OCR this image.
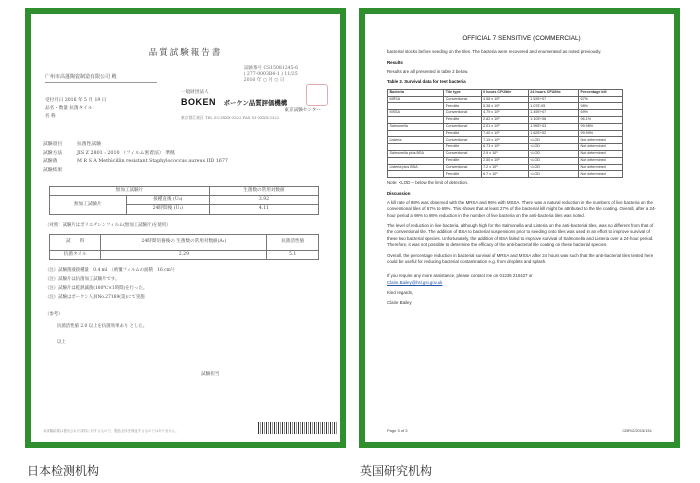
品質試験報告書
試験番号 CS15081245-6
( 277-0003B4-1 ) 11/25
2016 年 ○ 月 ○ 日
广州市高蓬陶瓷制造有限公司 殿
受付月日 2016 年 5 月 19 日
品名・数量 抗菌タイル
名 称
一般財団法人
BOKEN ボーケン品質評価機構
東京試験センター
東京都江東区 TEL 03-3XXX-3322 FAX 03-3XXX-3322
試験項目	抗菌性試験
試験方法	JIS Z 2801 : 2010 （フィルム密着法） 準拠
試験菌	M R S A Methicillin resistant Staphylococcus aureus IID 1677
試験結果
無加工試験片		生菌数の常用対数値
無加工試験片	接種直後 (U₀)	3.92
	24時間後 (U₁)	4.11
（対照：試験片はポリエチレンフィルム(無加工試験片)を使用）
試　　料	24時間培養後の 生菌数の常用対数値(A₁)	抗菌活性値
抗菌タイル	2.29	5.1
（注）試験菌液接種量　0.4 ml　（被覆フィルムの面積　16 cm²）
（注）試験片は抗菌加工試験片です。
（注）試験片は乾熱滅菌(180℃×1時間)を行った。
（注）試験はボーケン人員No.27169(第)にて実施
（参考）
抗菌活性値 2.0 以上を抗菌効果あり とした。
以上
試験担当
本試験結果は提出された試料に対するもので、製品全体を保証するものではありません。
OFFICIAL 7 SENSITIVE (COMMERCIAL)

bacterial stocks before seeding on the tiles. The bacteria were recovered and enumerated as noted previously.

Results

Results are all presented in table 2 below.

Table 2. Survival data for test bacteria
Bacteria	Tile type	0 hours CFU/tile	24 hours CFU/tile	Percentage kill
MRSA	Conventional	4.56 x 10⁵	1.53E+07	67%
	Ferrolite	5.38 x 10⁵	1.07E-05	98%
MSSA	Conventional	4.79 x 10⁵	1.49E+07	69%
	Ferrolite	2.82 x 10⁵	1.10E+06	96.1%
Salmonella	Conventional	2.01 x 10⁵	1.95E+03	99.98%
	Ferrolite	7.40 x 10⁵	1.62E+02	99.99%
Listeria	Conventional	7.19 x 10⁵	<LOD	Not determined
	Ferrolite	6.73 x 10⁵	<LOD	Not determined
Salmonella plus BSA	Conventional	2.9 x 10⁵	<LOD	Not determined
	Ferrolite	2.55 x 10⁵	<LOD	Not determined
Listeria plus BSA	Conventional	7.2 x 10⁵	<LOD	Not determined
	Ferrolite	6.7 x 10⁵	<LOD	Not determined

Note: <LOD – below the limit of detection.

Discussion

A kill rate of 98% was observed with the MRSA and 96% with MSSA. There was a natural reduction in the numbers of live bacteria on the conventional tiles of 67% to 69%. This shows that at least 27% of the bacterial kill might be attributed to the tile coating. Overall, after a 24-hour period a 98% to 98% reduction in the number of live bacteria on the anti-bacteria tiles was noted.

The level of reduction in live bacteria, although high for the Salmonella and Listeria on the anti-bacterial tiles, was no different from that of the conventional tile. The addition of BSA to bacterial suspensions prior to seeding onto tiles was used in an effort to improve survival of these two bacterial species. Unfortunately, the addition of BSA failed to improve survival of Salmonella and Listeria over a 24-hour period. Therefore, it was not possible to determine the efficacy of the anti-bacterial tile coating on these bacterial species.

Overall, the percentage reduction in bacterial survival of MRSA and MSSA after 24 hours was such that the anti-bacterial tiles tested here could be useful for reducing bacterial contamination e.g. from droplets and splash.

If you require any more assistance, please contact me on 01235 215427 or
Claire.Bailey@hsl.gsi.gov.uk

Kind regards,

Claire Bailey

Page 3 of 3	CBR/2/2015/151
日本检测机构	英国研究机构
